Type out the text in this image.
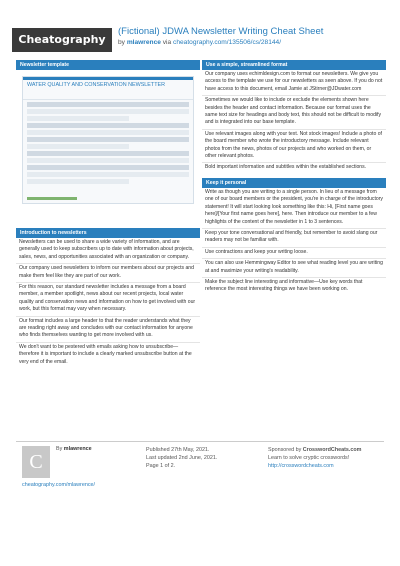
Cheatography
(Fictional) JDWA Newsletter Writing Cheat Sheet
by mlawrence via cheatography.com/135506/cs/28144/
Newsletter template
WATER QUALITY AND CONSERVATION NEWSLETTER
Introduction to newsletters

Newsletters can be used to share a wide variety of information, and are generally used to keep subscribers up to date with information about projects, sales, news, and opportunities associated with an organization or company.

Our company used newsletters to inform our members about our projects and make them feel like they are part of our work.

For this reason, our standard newsletter includes a message from a board member, a member spotlight, news about our recent projects, local water quality and conservation news and information on how to get involved with our work, but this format may vary when necessary.

Our format includes a large header to that the reader understands what they are reading right away and concludes with our contact information for anyone who finds themselves wanting to get more involved with us.

We don't want to be pestered with emails asking how to unsubscribe—therefore it is important to include a clearly marked unsubscribe button at the very end of the email.

Use a simple, streamlined format

Our company uses echimldesign.com to format our newsletters. We give you access to the template we use for our newsletters as seen above. If you do not have access to this document, email Jamie at JStirner@JDwater.com

Sometimes we would like to include or exclude the elements shown here besides the header and contact information. Because our format uses the same text size for headings and body text, this should not be difficult to modify and is integrated into our base template.

Use relevant images along with your text. Not stock images! Include a photo of the board member who wrote the introductory message. Include relevant photos from the news, photos of our projects and who worked on them, or other relevant photos.

Bold important information and subtitles within the established sections.

Keep it personal

Write as though you are writing to a single person. In lieu of a message from one of our board members or the president, you're in charge of the introductory statement! It will start looking look something like this: Hi, [First name goes here]/[Your first name goes here], here. Then introduce our member to a few highlights of the content of the newsletter in 1 to 3 sentences.

Keep your tone conversational and friendly, but remember to avoid slang our readers may not be familiar with.

Use contractions and keep your writing loose.

You can also use Hemmingway Editor to see what reading level you are writing at and maximize your writing's readability.

Make the subject line interesting and informative—Use key words that reference the most interesting things we have been working on.

C
By mlawrence	Published 27th May, 2021.
Last updated 2nd June, 2021.
Page 1 of 2.
Sponsored by CrosswordCheats.com
Learn to solve cryptic crosswords!
http://crosswordcheats.com
cheatography.com/mlawrence/
